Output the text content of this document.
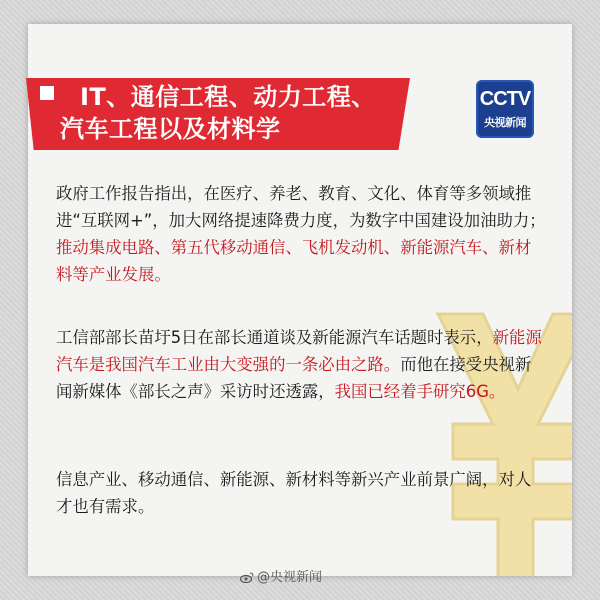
IT、通信工程、动力工程、
汽车工程以及材料学
CCTV
央视新闻
政府工作报告指出，在医疗、养老、教育、文化、体育等多领域推进“互联网+”，加大网络提速降费力度，为数字中国建设加油助力；推动集成电路、第五代移动通信、飞机发动机、新能源汽车、新材料等产业发展。
工信部部长苗圩5日在部长通道谈及新能源汽车话题时表示，新能源汽车是我国汽车工业由大变强的一条必由之路。而他在接受央视新闻新媒体《部长之声》采访时还透露，我国已经着手研究6G。
信息产业、移动通信、新能源、新材料等新兴产业前景广阔，对人才也有需求。
@央视新闻
